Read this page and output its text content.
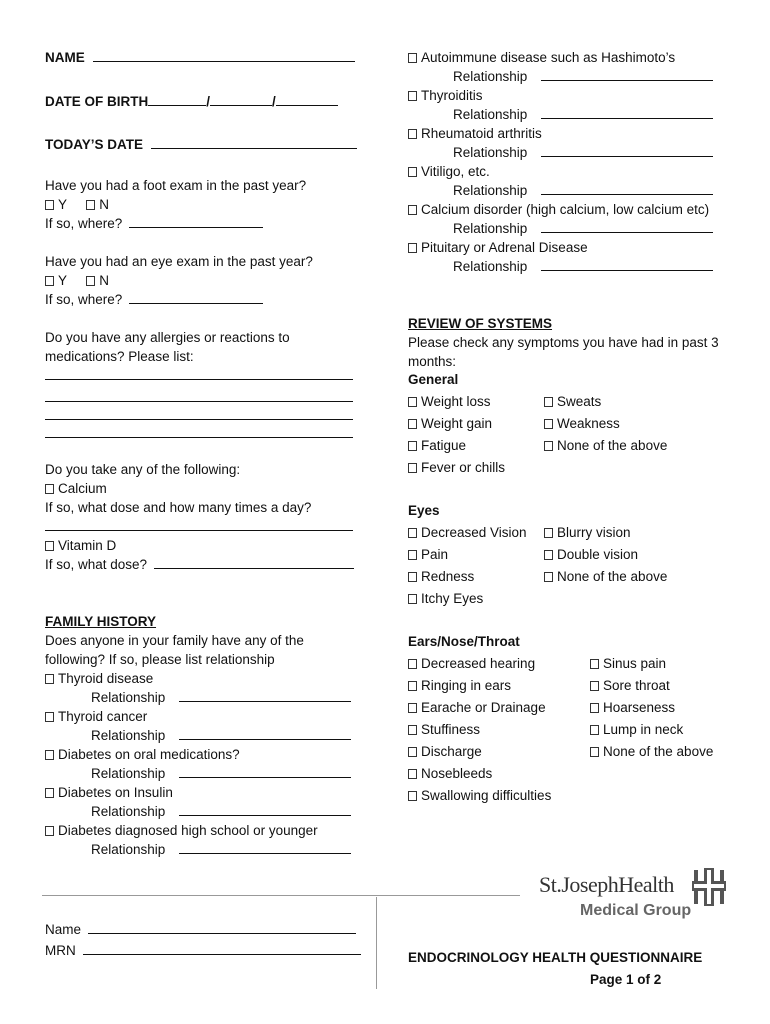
NAME
DATE OF BIRTH	/	/
TODAY’S DATE
Have you had a foot exam in the past year?
Y N
If so, where?
Have you had an eye exam in the past year?
Y N
If so, where?
Do you have any allergies or reactions to
medications? Please list:
Do you take any of the following:
Calcium
If so, what dose and how many times a day?
Vitamin D
If so, what dose?
FAMILY HISTORY
Does anyone in your family have any of the
following? If so, please list relationship
Thyroid disease
Relationship
Thyroid cancer
Relationship
Diabetes on oral medications?
Relationship
Diabetes on Insulin
Relationship
Diabetes diagnosed high school or younger
Relationship
Autoimmune disease such as Hashimoto’s
Relationship
Thyroiditis
Relationship
Rheumatoid arthritis
Relationship
Vitiligo, etc.
Relationship
Calcium disorder (high calcium, low calcium etc)
Relationship
Pituitary or Adrenal Disease
Relationship
REVIEW OF SYSTEMS
Please check any symptoms you have had in past 3
months:
General
Eyes
Ears/Nose/Throat
Weight loss
Weight gain
Fatigue
Fever or chills
Sweats
Weakness
None of the above
Decreased Vision
Pain
Redness
Itchy Eyes
Blurry vision
Double vision
None of the above
Decreased hearing
Ringing in ears
Earache or Drainage
Stuffiness
Discharge
Nosebleeds
Swallowing difficulties
Sinus pain
Sore throat
Hoarseness
Lump in neck
None of the above
Name
MRN
St.JosephHealth
Medical Group
ENDOCRINOLOGY HEALTH QUESTIONNAIRE
Page 1 of 2
